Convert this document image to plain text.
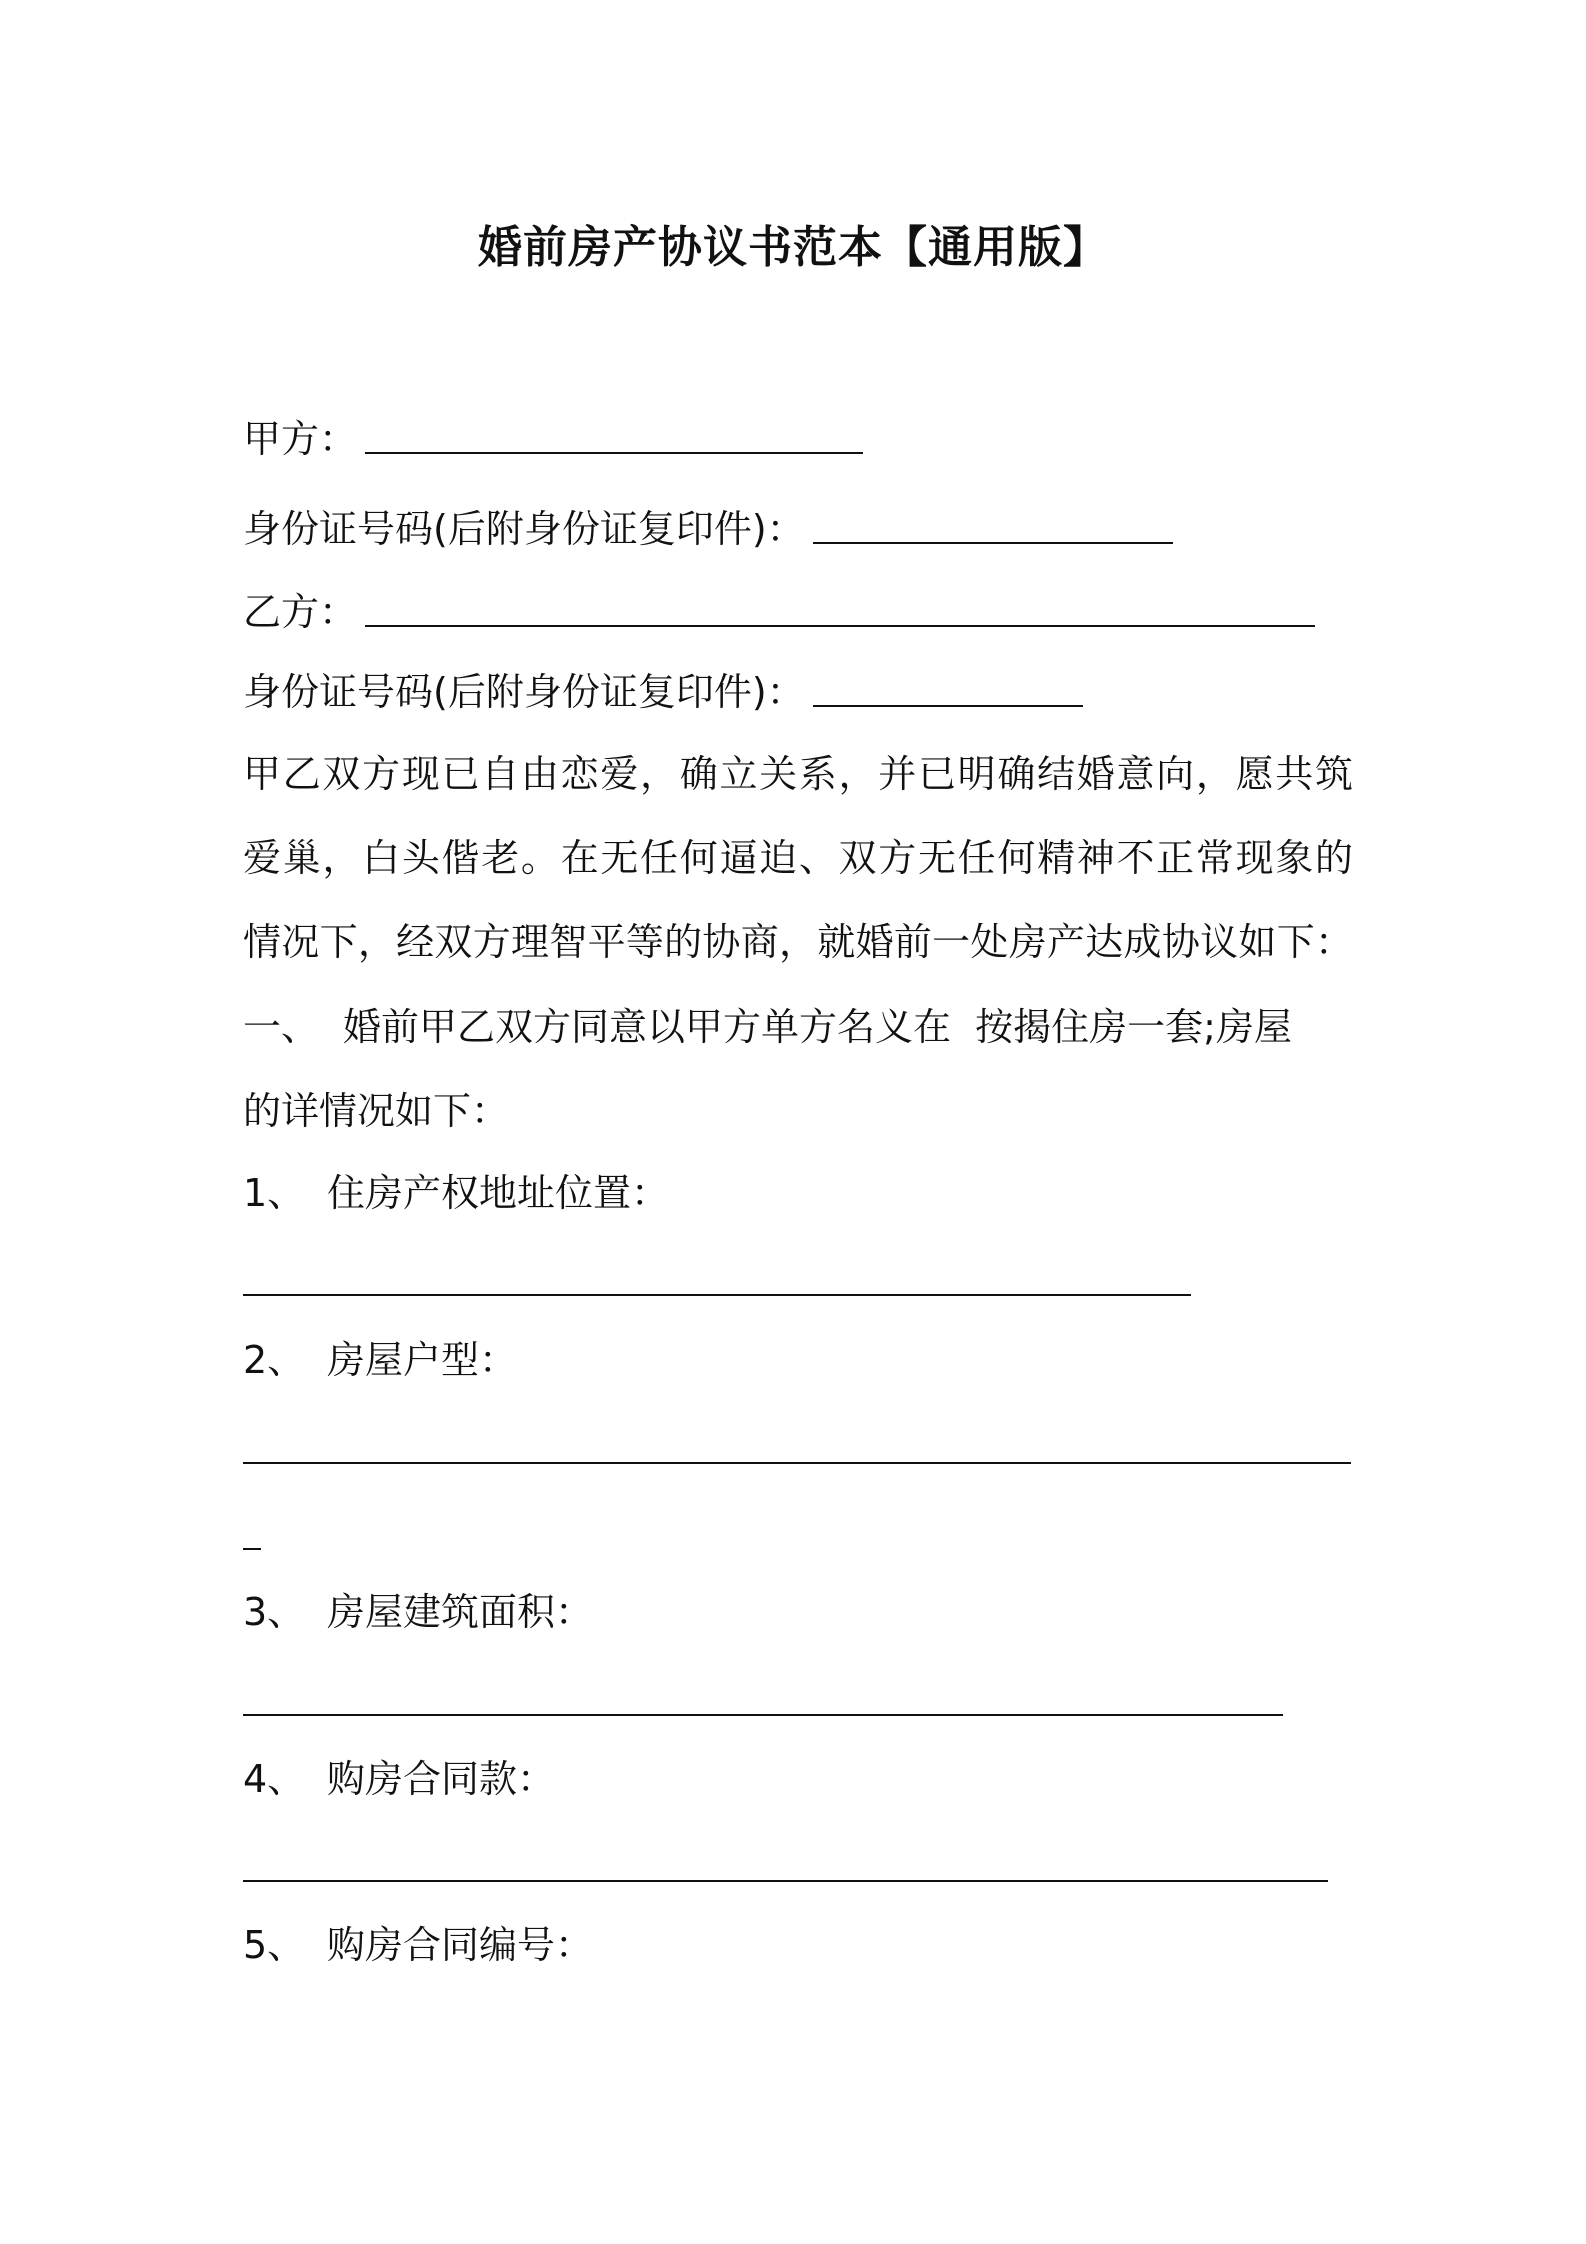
婚前房产协议书范本【通用版】
甲方：
身份证号码(后附身份证复印件)：
乙方：
身份证号码(后附身份证复印件)：
甲乙双方现已自由恋爱，确立关系，并已明确结婚意向，愿共筑
爱巢，白头偕老。在无任何逼迫、双方无任何精神不正常现象的
情况下，经双方理智平等的协商，就婚前一处房产达成协议如下：
一、 婚前甲乙双方同意以甲方单方名义在  按揭住房一套;房屋
的详情况如下：
1、 住房产权地址位置：
2、 房屋户型：
3、 房屋建筑面积：
4、 购房合同款：
5、 购房合同编号：
